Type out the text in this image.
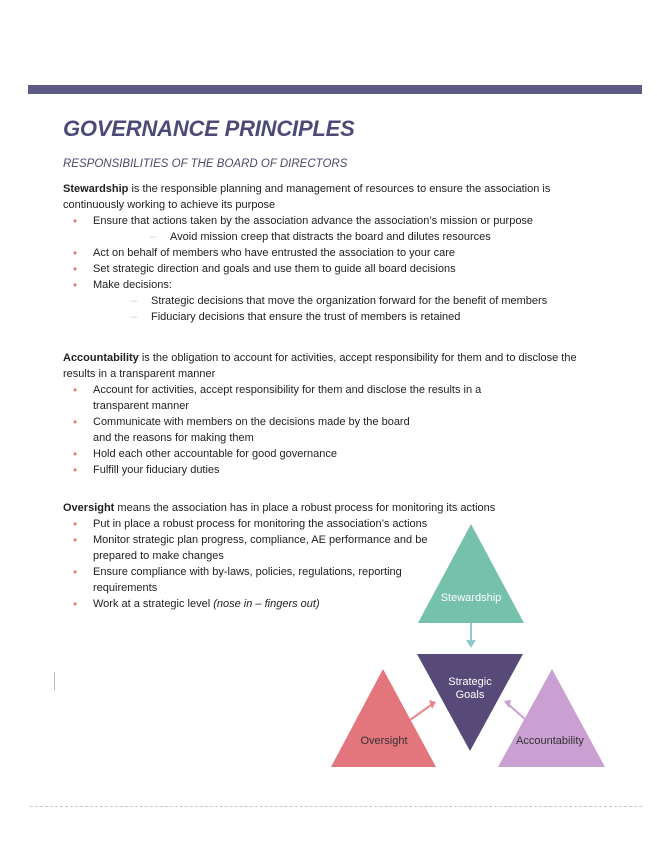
GOVERNANCE PRINCIPLES
RESPONSIBILITIES OF THE BOARD OF DIRECTORS

Stewardship is the responsible planning and management of resources to ensure the association is continuously working to achieve its purpose

• Ensure that actions taken by the association advance the association’s mission or purpose
– Avoid mission creep that distracts the board and dilutes resources
• Act on behalf of members who have entrusted the association to your care
• Set strategic direction and goals and use them to guide all board decisions
• Make decisions:
– Strategic decisions that move the organization forward for the benefit of members
– Fiduciary decisions that ensure the trust of members is retained

Accountability is the obligation to account for activities, accept responsibility for them and to disclose the results in a transparent manner

• Account for activities, accept responsibility for them and disclose the results in a transparent manner
• Communicate with members on the decisions made by the board
and the reasons for making them
• Hold each other accountable for good governance
• Fulfill your fiduciary duties

Oversight means the association has in place a robust process for monitoring its actions

• Put in place a robust process for monitoring the association’s actions
• Monitor strategic plan progress, compliance, AE performance and be
prepared to make changes
• Ensure compliance with by-laws, policies, regulations, reporting
requirements
• Work at a strategic level (nose in – fingers out)	Stewardship
Strategic
Goals
Oversight	Accountability
